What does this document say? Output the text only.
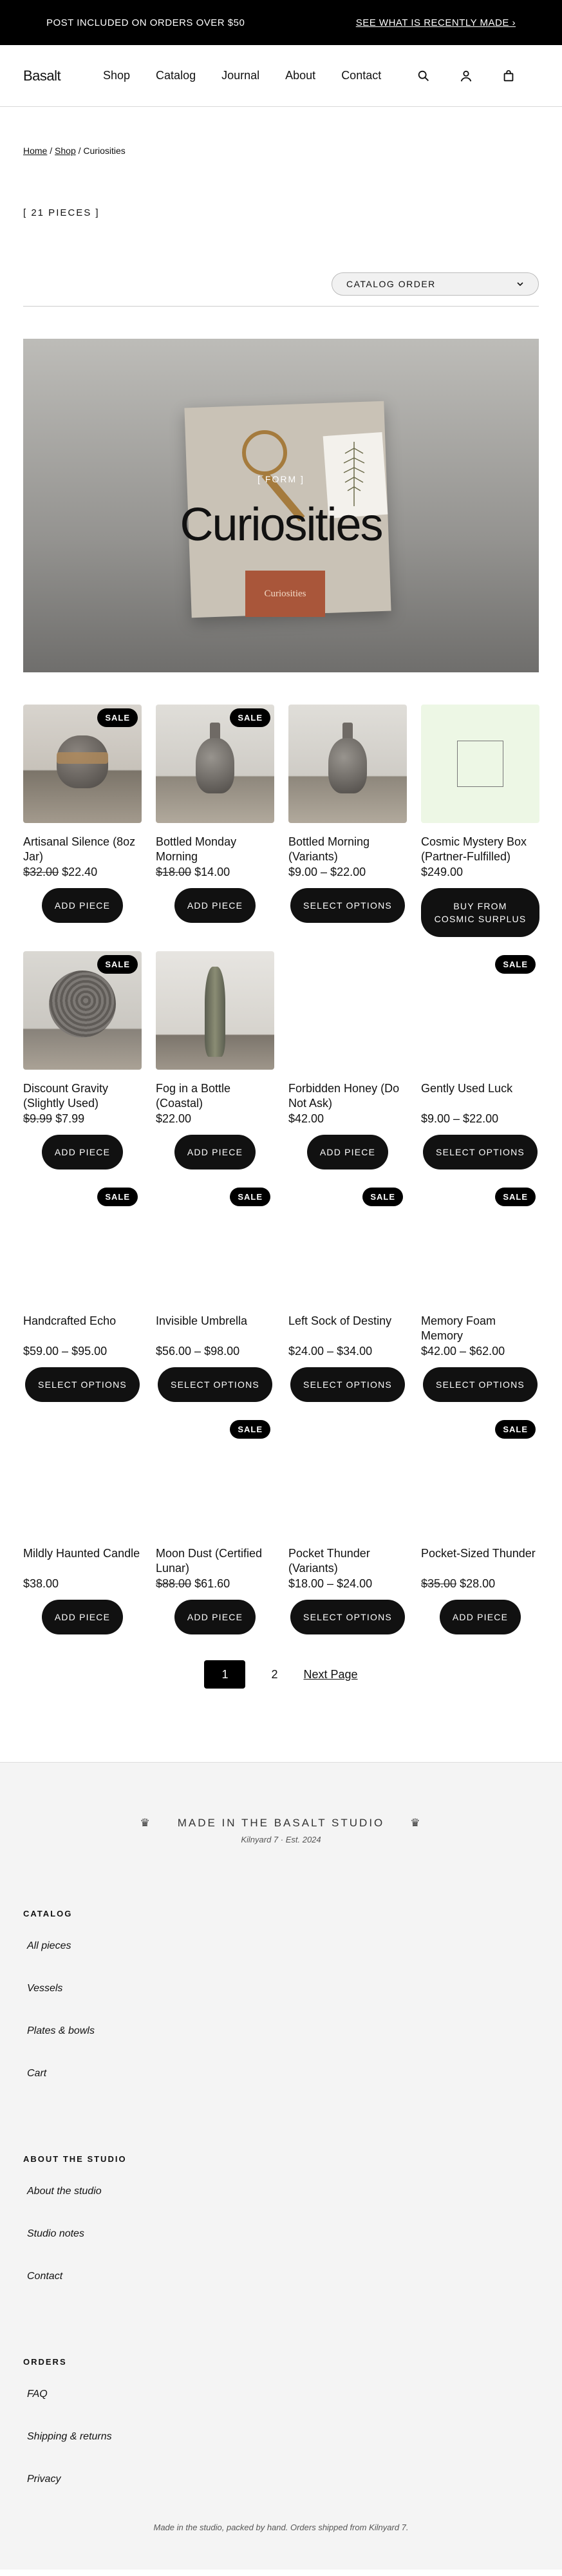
POST INCLUDED ON ORDERS OVER $50	SEE WHAT IS RECENTLY MADE ›
Basalt	Shop Catalog Journal About Contact
Home / Shop / Curiosities
[ 21 PIECES ]
CATALOG ORDER
Curiosities
[ FORM ]
Curiosities
SALE
Artisanal Silence (8oz Jar)
$32.00 $22.40
ADD PIECE
SALE
Bottled Monday Morning
$18.00 $14.00
ADD PIECE
Bottled Morning (Variants)
$9.00 – $22.00
SELECT OPTIONS
Cosmic Mystery Box (Partner-Fulfilled)
$249.00
BUY FROM COSMIC SURPLUS
SALE
Discount Gravity (Slightly Used)
$9.99 $7.99
ADD PIECE
Fog in a Bottle (Coastal)
$22.00
ADD PIECE
Forbidden Honey (Do Not Ask)
$42.00
ADD PIECE
SALE
Gently Used Luck
$9.00 – $22.00
SELECT OPTIONS
SALE
Handcrafted Echo
$59.00 – $95.00
SELECT OPTIONS
SALE
Invisible Umbrella
$56.00 – $98.00
SELECT OPTIONS
SALE
Left Sock of Destiny
$24.00 – $34.00
SELECT OPTIONS
SALE
Memory Foam Memory
$42.00 – $62.00
SELECT OPTIONS
Mildly Haunted Candle
$38.00
ADD PIECE
SALE
Moon Dust (Certified Lunar)
$88.00 $61.60
ADD PIECE
Pocket Thunder (Variants)
$18.00 – $24.00
SELECT OPTIONS
SALE
Pocket-Sized Thunder
$35.00 $28.00
ADD PIECE
1	2 Next Page
♛ MADE IN THE BASALT STUDIO ♛
Kilnyard 7 · Est. 2024
CATALOG
All pieces
Vessels
Plates & bowls
Cart
ABOUT THE STUDIO
About the studio
Studio notes
Contact
ORDERS
FAQ
Shipping & returns
Privacy
Made in the studio, packed by hand. Orders shipped from Kilnyard 7.
